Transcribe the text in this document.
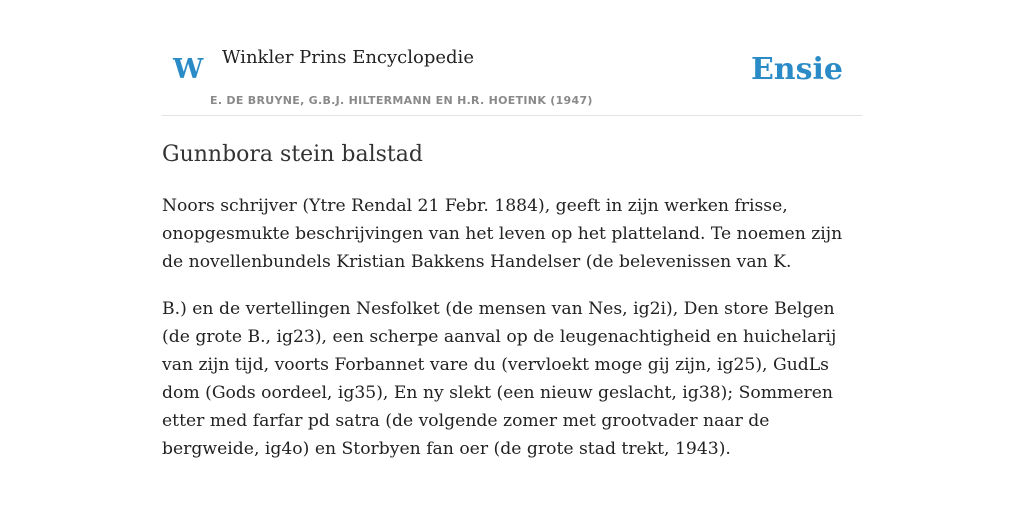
W Winkler Prins Encyclopedie
E. DE BRUYNE, G.B.J. HILTERMANN EN H.R. HOETINK (1947)
Ensie
Gunnbora stein balstad

Noors schrijver (Ytre Rendal 21 Febr. 1884), geeft in zijn werken frisse, onopgesmukte beschrijvingen van het leven op het platteland. Te noemen zijn de novellenbundels Kristian Bakkens Handelser (de belevenissen van K.

B.) en de vertellingen Nesfolket (de mensen van Nes, ig2i), Den store Belgen (de grote B., ig23), een scherpe aanval op de leugenachtigheid en huichelarij van zijn tijd, voorts Forbannet vare du (vervloekt moge gij zijn, ig25), GudLs dom (Gods oordeel, ig35), En ny slekt (een nieuw geslacht, ig38); Sommeren etter med farfar pd satra (de volgende zomer met grootvader naar de bergweide, ig4o) en Storbyen fan oer (de grote stad trekt, 1943).
